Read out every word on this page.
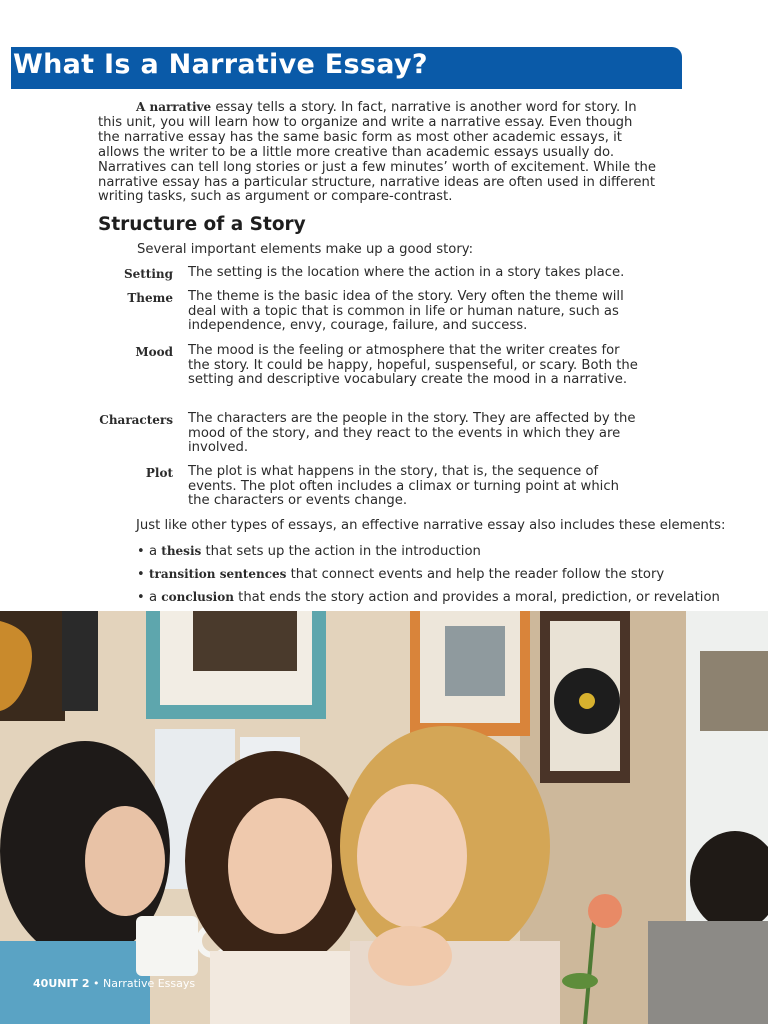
What Is a Narrative Essay?
A narrative essay tells a story. In fact, narrative is another word for story. In this unit, you will learn how to organize and write a narrative essay. Even though the narrative essay has the same basic form as most other academic essays, it allows the writer to be a little more creative than academic essays usually do. Narratives can tell long stories or just a few minutes’ worth of excitement. While the narrative essay has a particular structure, narrative ideas are often used in different writing tasks, such as argument or compare-contrast.
Structure of a Story
Several important elements make up a good story:
Setting The setting is the location where the action in a story takes place.
Theme The theme is the basic idea of the story. Very often the theme will deal with a topic that is common in life or human nature, such as independence, envy, courage, failure, and success.
Mood The mood is the feeling or atmosphere that the writer creates for the story. It could be happy, hopeful, suspenseful, or scary. Both the setting and descriptive vocabulary create the mood in a narrative.
Characters The characters are the people in the story. They are affected by the mood of the story, and they react to the events in which they are involved.
Plot The plot is what happens in the story, that is, the sequence of events. The plot often includes a climax or turning point at which the characters or events change.
Just like other types of essays, an effective narrative essay also includes these elements:
• a thesis that sets up the action in the introduction
• transition sentences that connect events and help the reader follow the story
• a conclusion that ends the story action and provides a moral, prediction, or revelation
40UNIT 2 • Narrative Essays
